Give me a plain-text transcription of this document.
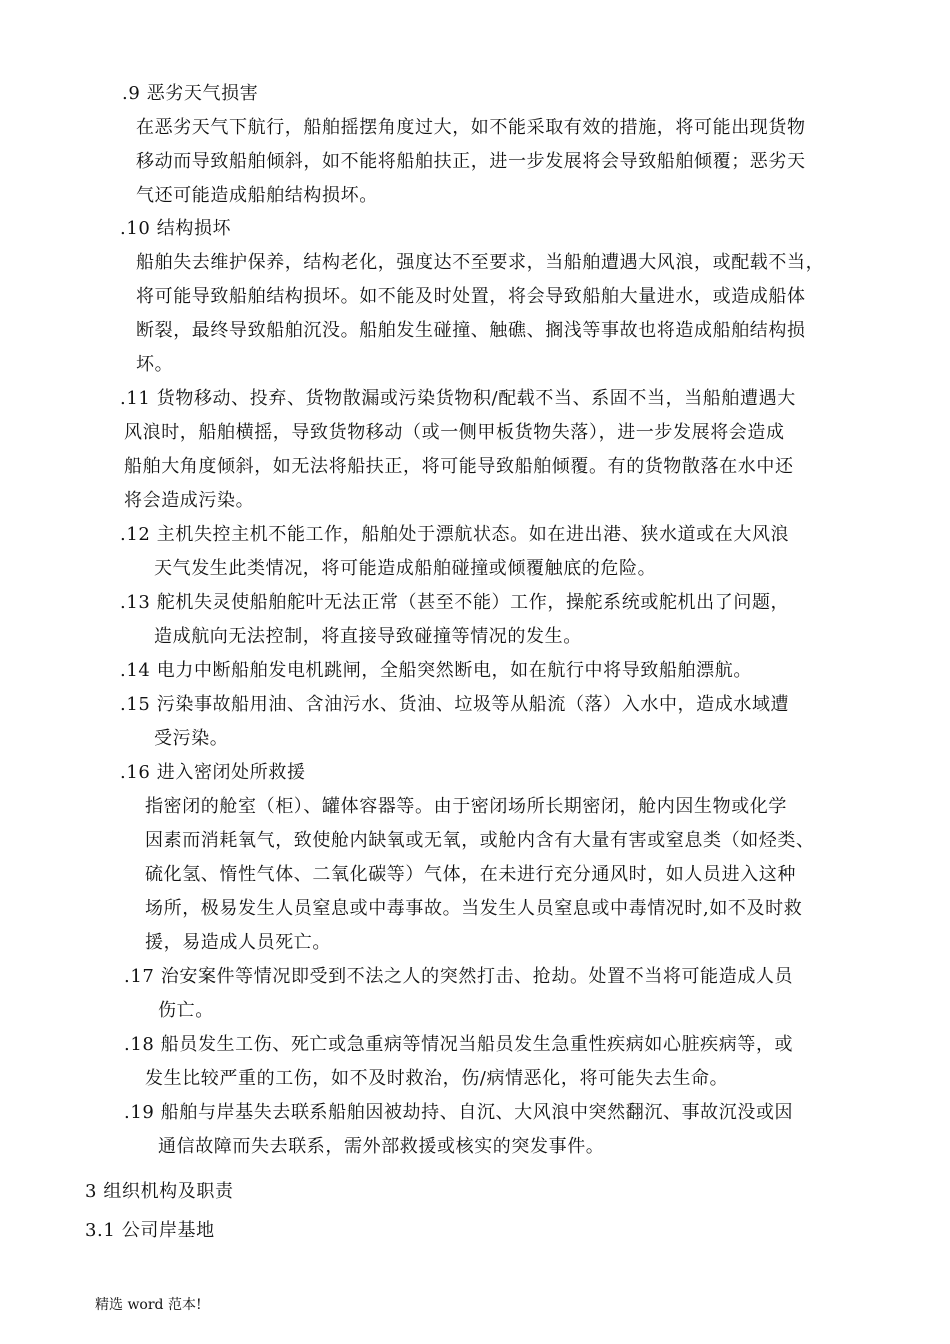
.9 恶劣天气损害
在恶劣天气下航行，船舶摇摆角度过大，如不能采取有效的措施，将可能出现货物
移动而导致船舶倾斜，如不能将船舶扶正，进一步发展将会导致船舶倾覆；恶劣天
气还可能造成船舶结构损坏。
.10 结构损坏
船舶失去维护保养，结构老化，强度达不至要求，当船舶遭遇大风浪，或配载不当，
将可能导致船舶结构损坏。如不能及时处置，将会导致船舶大量进水，或造成船体
断裂，最终导致船舶沉没。船舶发生碰撞、触礁、搁浅等事故也将造成船舶结构损
坏。
.11 货物移动、投弃、货物散漏或污染货物积/配载不当、系固不当，当船舶遭遇大
风浪时，船舶横摇，导致货物移动（或一侧甲板货物失落），进一步发展将会造成
船舶大角度倾斜，如无法将船扶正，将可能导致船舶倾覆。有的货物散落在水中还
将会造成污染。
.12 主机失控主机不能工作，船舶处于漂航状态。如在进出港、狭水道或在大风浪
天气发生此类情况，将可能造成船舶碰撞或倾覆触底的危险。
.13 舵机失灵使船舶舵叶无法正常（甚至不能）工作，操舵系统或舵机出了问题，
造成航向无法控制，将直接导致碰撞等情况的发生。
.14 电力中断船舶发电机跳闸，全船突然断电，如在航行中将导致船舶漂航。
.15 污染事故船用油、含油污水、货油、垃圾等从船流（落）入水中，造成水域遭
受污染。
.16 进入密闭处所救援
指密闭的舱室（柜）、罐体容器等。由于密闭场所长期密闭，舱内因生物或化学
因素而消耗氧气，致使舱内缺氧或无氧，或舱内含有大量有害或窒息类（如烃类、
硫化氢、惰性气体、二氧化碳等）气体，在未进行充分通风时，如人员进入这种
场所，极易发生人员窒息或中毒事故。当发生人员窒息或中毒情况时,如不及时救
援，易造成人员死亡。
.17 治安案件等情况即受到不法之人的突然打击、抢劫。处置不当将可能造成人员
伤亡。
.18 船员发生工伤、死亡或急重病等情况当船员发生急重性疾病如心脏疾病等，或
发生比较严重的工伤，如不及时救治，伤/病情恶化，将可能失去生命。
.19 船舶与岸基失去联系船舶因被劫持、自沉、大风浪中突然翻沉、事故沉没或因
通信故障而失去联系，需外部救援或核实的突发事件。
3 组织机构及职责
3.1 公司岸基地
精选 word 范本!
